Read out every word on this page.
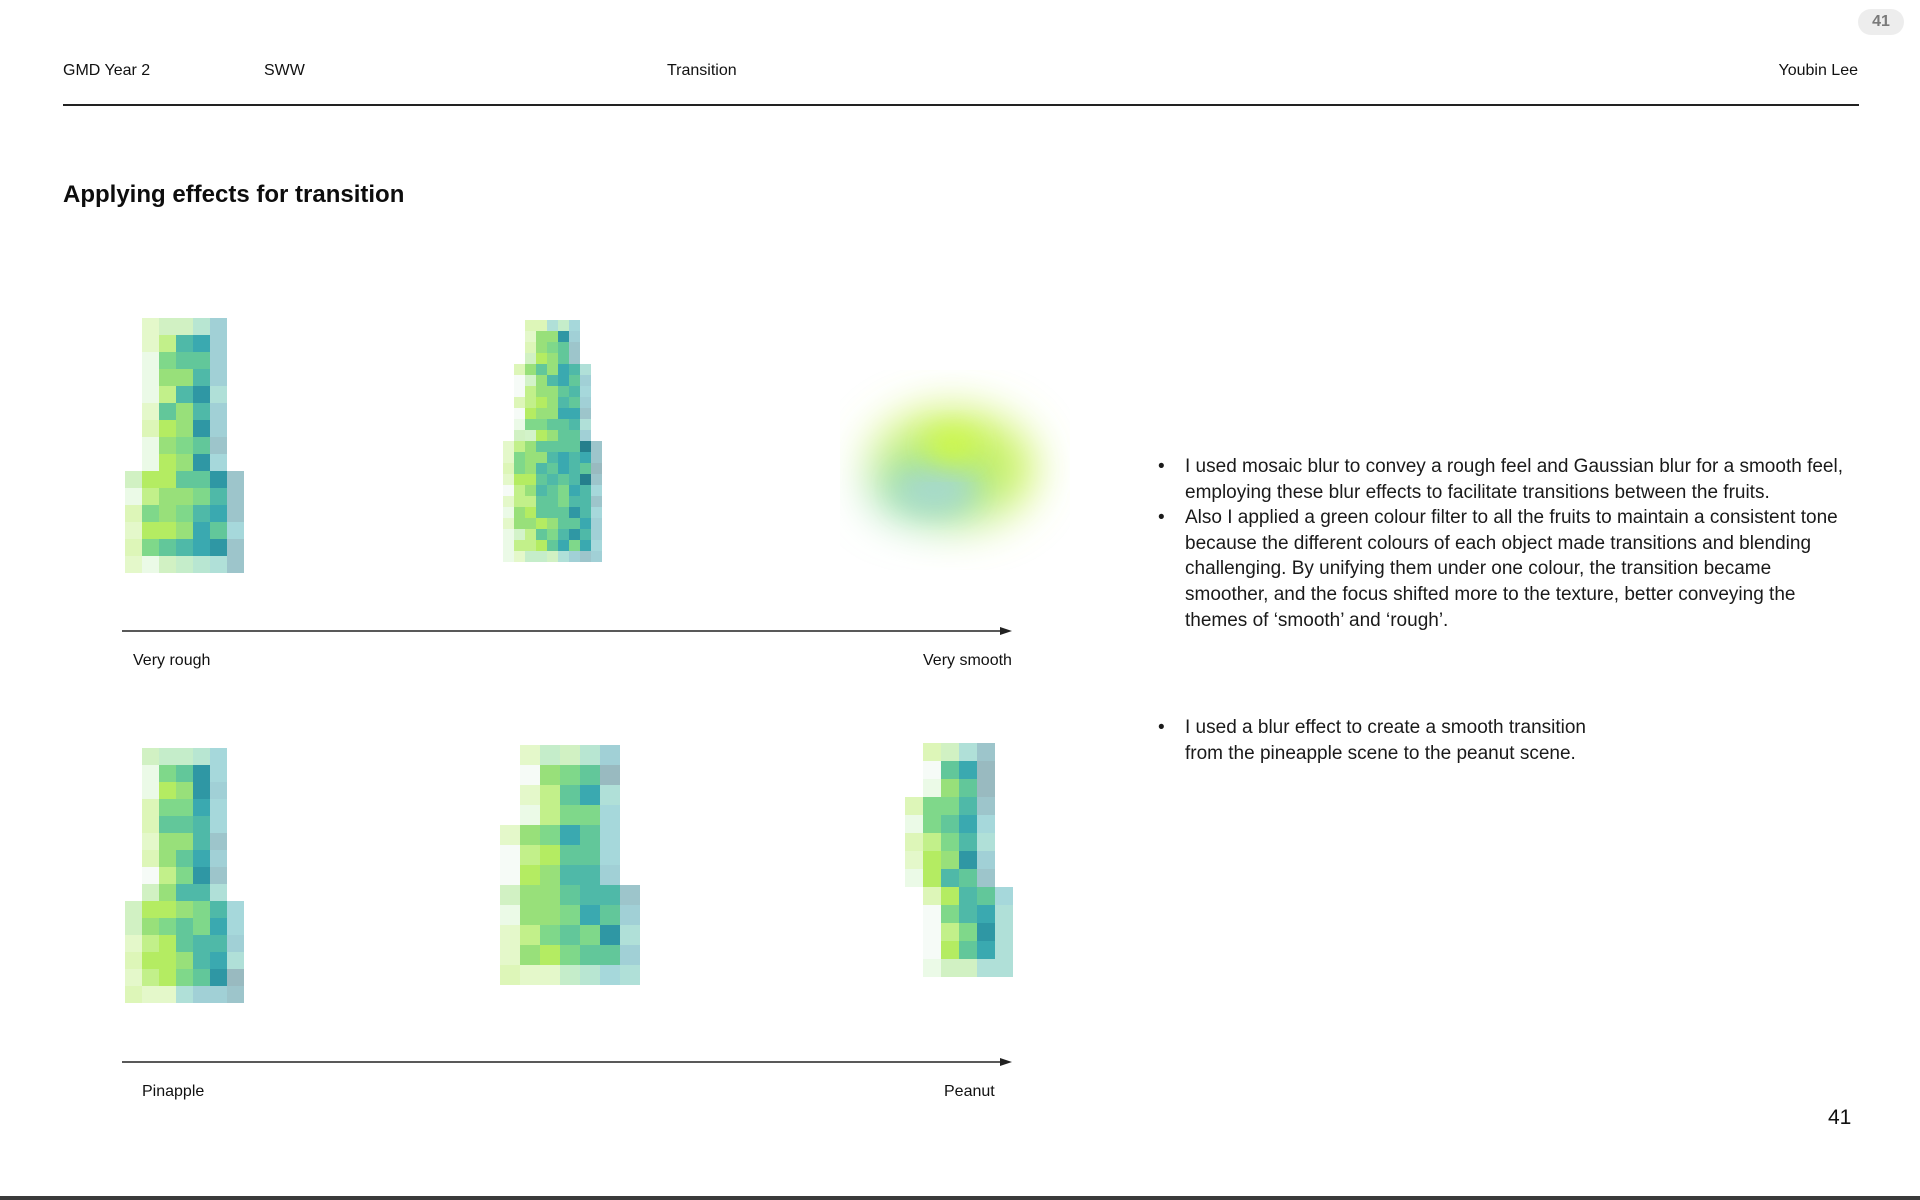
41
GMD Year 2	SWW	Transition	Youbin Lee
Applying effects for transition
Very rough	Very smooth
Pinapple	Peanut
• I used mosaic blur to convey a rough feel and Gaussian blur for a smooth feel, employing these blur effects to facilitate transitions between the fruits.
• Also I applied a green colour filter to all the fruits to maintain a consistent tone because the different colours of each object made transitions and blending challenging. By unifying them under one colour, the transition became smoother, and the focus shifted more to the texture, better conveying the themes of ‘smooth’ and ‘rough’.
• I used a blur effect to create a smooth transition from the pineapple scene to the peanut scene.
41
